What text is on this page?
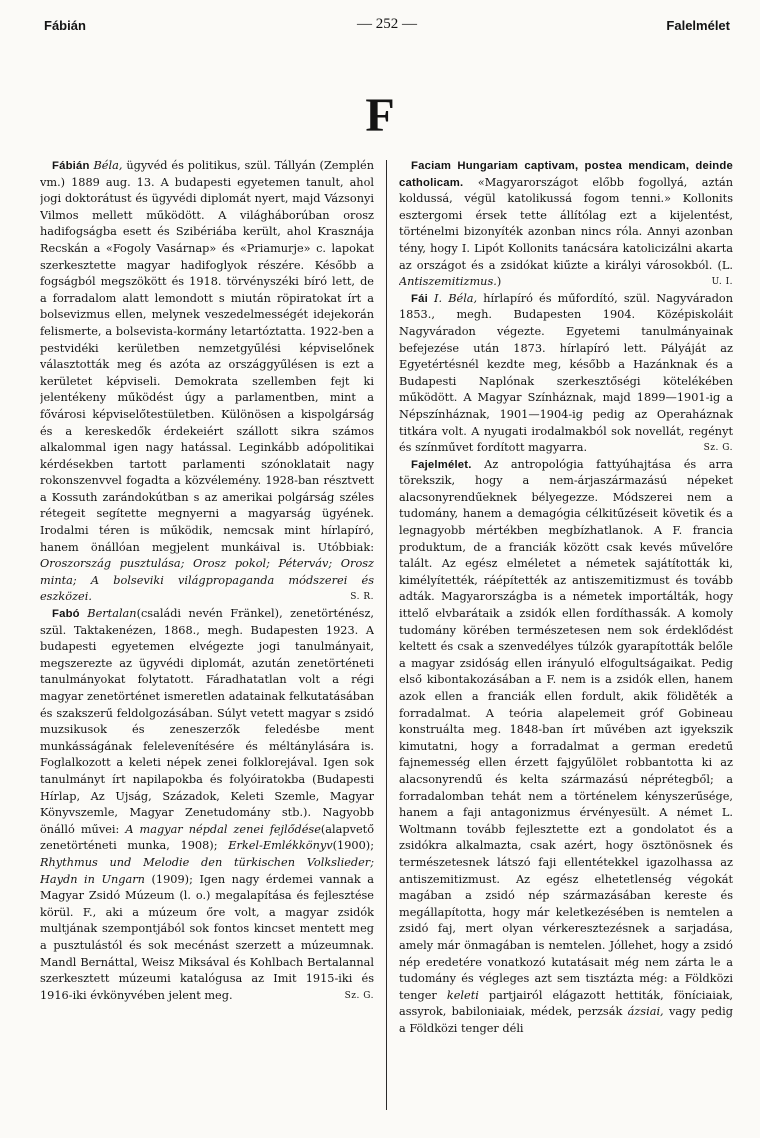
Fábián	— 252 —	Falelmélet
F

Fábián Béla, ügyvéd és politikus, szül. Tállyán (Zemplén vm.) 1889 aug. 13. A budapesti egyetemen tanult, ahol jogi doktorátust és ügyvédi diplomát nyert, majd Vázsonyi Vilmos mellett működött. A világháborúban orosz hadifogságba esett és Szibériába került, ahol Krasznája Recskán a «Fogoly Vasárnap» és «Priamurje» c. lapokat szerkesztette magyar hadifoglyok részére. Később a fogságból megszökött és 1918. törvényszéki bíró lett, de a forradalom alatt lemondott s miután röpiratokat írt a bolsevizmus ellen, melynek veszedelmességét idejekorán felismerte, a bolsevista-kormány letartóztatta. 1922-ben a pestvidéki kerületben nemzetgyűlési képviselőnek választották meg és azóta az országgyűlésen is ezt a kerületet képviseli. Demokrata szellemben fejt ki jelentékeny működést úgy a parlamentben, mint a fővárosi képviselőtestületben. Különösen a kispolgárság és a kereskedők érdekeiért szállott sikra számos alkalommal igen nagy hatással. Leginkább adópolitikai kérdésekben tartott parlamenti szónoklatait nagy rokonszenvvel fogadta a közvélemény. 1928-ban résztvett a Kossuth zarándokútban s az amerikai polgárság széles rétegeit segítette megnyerni a magyarság ügyének. Irodalmi téren is működik, nemcsak mint hírlapíró, hanem önállóan megjelent munkáival is. Utóbbiak: Oroszország pusztulása; Orosz pokol; Péterváv; Orosz minta; A bolseviki világpropaganda módszerei és eszközei.	S. R.

Fabó Bertalan(családi nevén Fränkel), zenetörténész, szül. Taktakenézen, 1868., megh. Budapesten 1923. A budapesti egyetemen elvégezte jogi tanulmányait, megszerezte az ügyvédi diplomát, azután zenetörténeti tanulmányokat folytatott. Fáradhatatlan volt a régi magyar zenetörténet ismeretlen adatainak felkutatásában és szakszerű feldolgozásában. Súlyt vetett magyar s zsidó muzsikusok és zeneszerzők feledésbe ment munkásságának felelevenítésére és méltánylására is. Foglalkozott a keleti népek zenei folklorejával. Igen sok tanulmányt írt napilapokba és folyóiratokba (Budapesti Hírlap, Az Ujság, Századok, Keleti Szemle, Magyar Könyvszemle, Magyar Zenetudomány stb.). Nagyobb önálló művei: A magyar népdal zenei fejlődése(alapvető zenetörténeti munka, 1908); Erkel-Emlékkönyv(1900); Rhythmus und Melodie den türkischen Volkslieder; Haydn in Ungarn (1909); Igen nagy érdemei vannak a Magyar Zsidó Múzeum (l. o.) megalapítása és fejlesztése körül. F., aki a múzeum őre volt, a magyar zsidók multjának szempontjából sok fontos kincset mentett meg a pusztulástól és sok mecénást szerzett a múzeumnak. Mandl Bernáttal, Weisz Miksával és Kohlbach Bertalannal szerkesztett múzeumi katalógusa az Imit 1915-iki és 1916-iki évkönyvében jelent meg.	Sz. G.

Faciam Hungariam captivam, postea mendicam, deinde catholicam. «Magyarországot előbb fogollyá, aztán koldussá, végül katolikussá fogom tenni.» Kollonits esztergomi érsek tette állítólag ezt a kijelentést, történelmi bizonyíték azonban nincs róla. Annyi azonban tény, hogy I. Lipót Kollonits tanácsára katolicizálni akarta az országot és a zsidókat kiűzte a királyi városokból. (L. Antiszemitizmus.)	U. I.

Fái I. Béla, hírlapíró és műfordító, szül. Nagyváradon 1853., megh. Budapesten 1904. Középiskoláit Nagyváradon végezte. Egyetemi tanulmányainak befejezése után 1873. hírlapíró lett. Pályáját az Egyetértésnél kezdte meg, később a Hazánknak és a Budapesti Naplónak szerkesztőségi kötelékében működött. A Magyar Színháznak, majd 1899—1901-ig a Népszínháznak, 1901—1904-ig pedig az Operaháznak titkára volt. A nyugati irodalmakból sok novellát, regényt és színművet fordított magyarra.	Sz. G.

Fajelmélet. Az antropológia fattyúhajtása és arra törekszik, hogy a nem-árjaszármazású népeket alacsonyrendűeknek bélyegezze. Módszerei nem a tudomány, hanem a demagógia célkitűzéseit követik és a legnagyobb mértékben megbízhatlanok. A F. francia produktum, de a franciák között csak kevés művelőre talált. Az egész elméletet a németek sajátították ki, kimélyítették, ráépítették az antiszemitizmust és tovább adták. Magyarországba is a németek importálták, hogy ittelő elvbarátaik a zsidók ellen fordíthassák. A komoly tudomány körében természetesen nem sok érdeklődést keltett és csak a szenvedélyes túlzók gyarapították belőle a magyar zsidóság ellen irányuló elfogultságaikat. Pedig első kibontakozásában a F. nem is a zsidók ellen, hanem azok ellen a franciák ellen fordult, akik föliděték a forradalmat. A teória alapelemeit gróf Gobineau konstruálta meg. 1848-ban írt művében azt igyekszik kimutatni, hogy a forradalmat a german eredetű fajnemesség ellen érzett fajgyűlölet robbantotta ki az alacsonyrendű és kelta származású néprétegből; a forradalomban tehát nem a történelem kényszerűsége, hanem a faji antagonizmus érvényesült. A német L. Woltmann tovább fejlesztette ezt a gondolatot és a zsidókra alkalmazta, csak azért, hogy ösztönösnek és természetesnek látszó faji ellentétekkel igazolhassa az antiszemitizmust. Az egész elhetetlenség végokát magában a zsidó nép származásában kereste és megállapította, hogy már keletkezésében is nemtelen a zsidó faj, mert olyan vérkeresztezésnek a sarjadása, amely már önmagában is nemtelen. Jóllehet, hogy a zsidó nép eredetére vonatkozó kutatásait még nem zárta le a tudomány és végleges azt sem tisztázta még: a Földközi tenger keleti partjairól elágazott hettiták, föníciaiak, assyrok, babiloniaiak, médek, perzsák ázsiai, vagy pedig a Földközi tenger déli
